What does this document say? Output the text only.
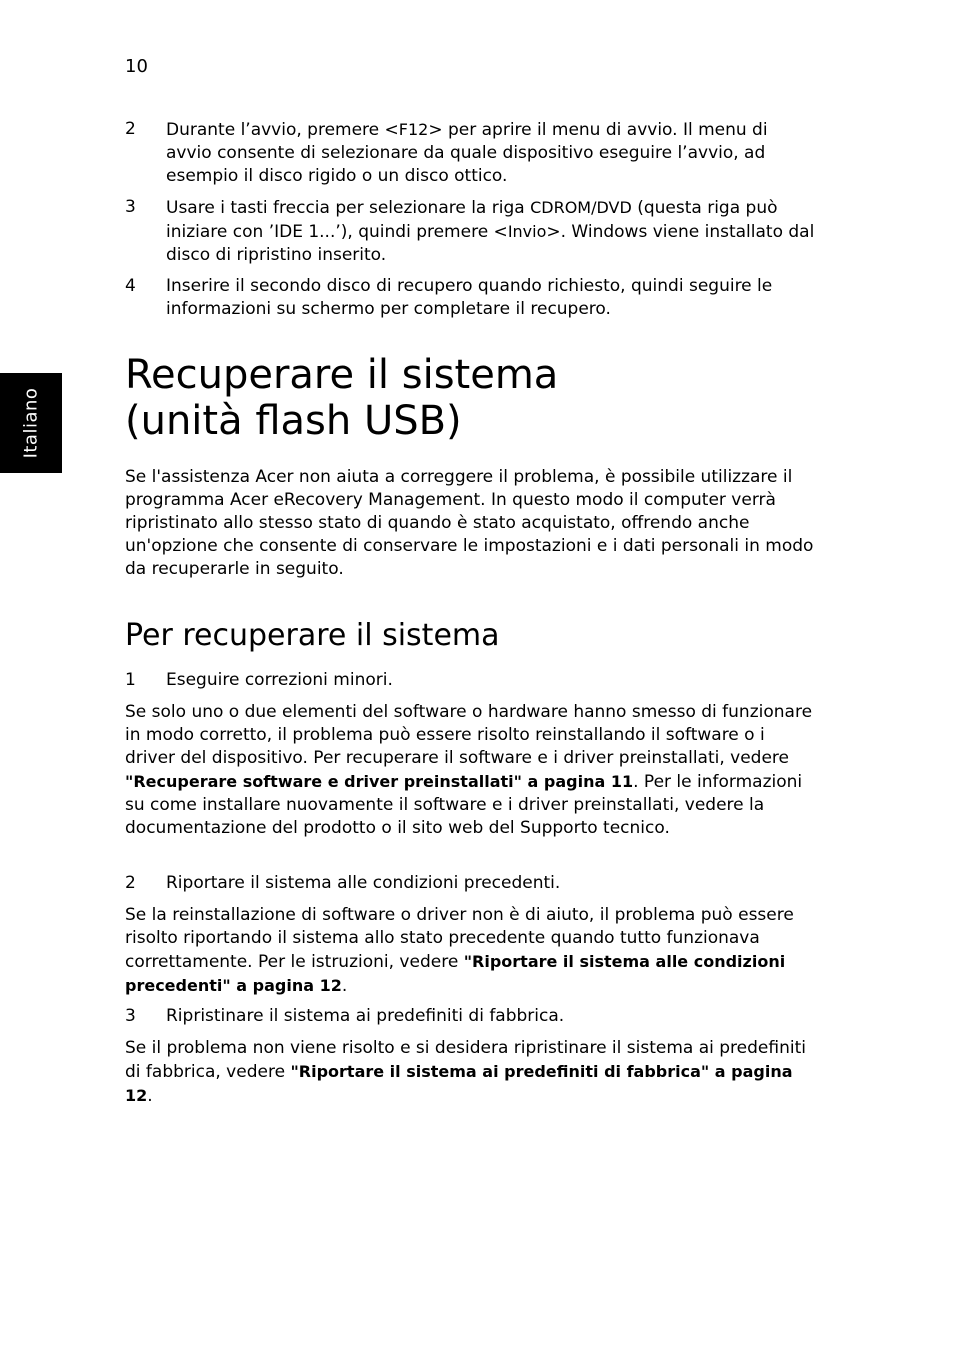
10
Italiano
2 Durante l’avvio, premere <F12> per aprire il menu di avvio. Il menu di avvio consente di selezionare da quale dispositivo eseguire l’avvio, ad esempio il disco rigido o un disco ottico.
3 Usare i tasti freccia per selezionare la riga CDROM/DVD (questa riga può iniziare con ’IDE 1...’), quindi premere <Invio>. Windows viene installato dal disco di ripristino inserito.
4 Inserire il secondo disco di recupero quando richiesto, quindi seguire le informazioni su schermo per completare il recupero.
Recuperare il sistema
(unità flash USB)
Se l'assistenza Acer non aiuta a correggere il problema, è possibile utilizzare il programma Acer eRecovery Management. In questo modo il computer verrà ripristinato allo stesso stato di quando è stato acquistato, offrendo anche un'opzione che consente di conservare le impostazioni e i dati personali in modo da recuperarle in seguito.
Per recuperare il sistema
1 Eseguire correzioni minori.
Se solo uno o due elementi del software o hardware hanno smesso di funzionare in modo corretto, il problema può essere risolto reinstallando il software o i driver del dispositivo. Per recuperare il software e i driver preinstallati, vedere "Recuperare software e driver preinstallati" a pagina 11. Per le informazioni su come installare nuovamente il software e i driver preinstallati, vedere la documentazione del prodotto o il sito web del Supporto tecnico.
2 Riportare il sistema alle condizioni precedenti.
Se la reinstallazione di software o driver non è di aiuto, il problema può essere risolto riportando il sistema allo stato precedente quando tutto funzionava correttamente. Per le istruzioni, vedere "Riportare il sistema alle condizioni precedenti" a pagina 12.
3 Ripristinare il sistema ai predefiniti di fabbrica.
Se il problema non viene risolto e si desidera ripristinare il sistema ai predefiniti di fabbrica, vedere "Riportare il sistema ai predefiniti di fabbrica" a pagina 12.
